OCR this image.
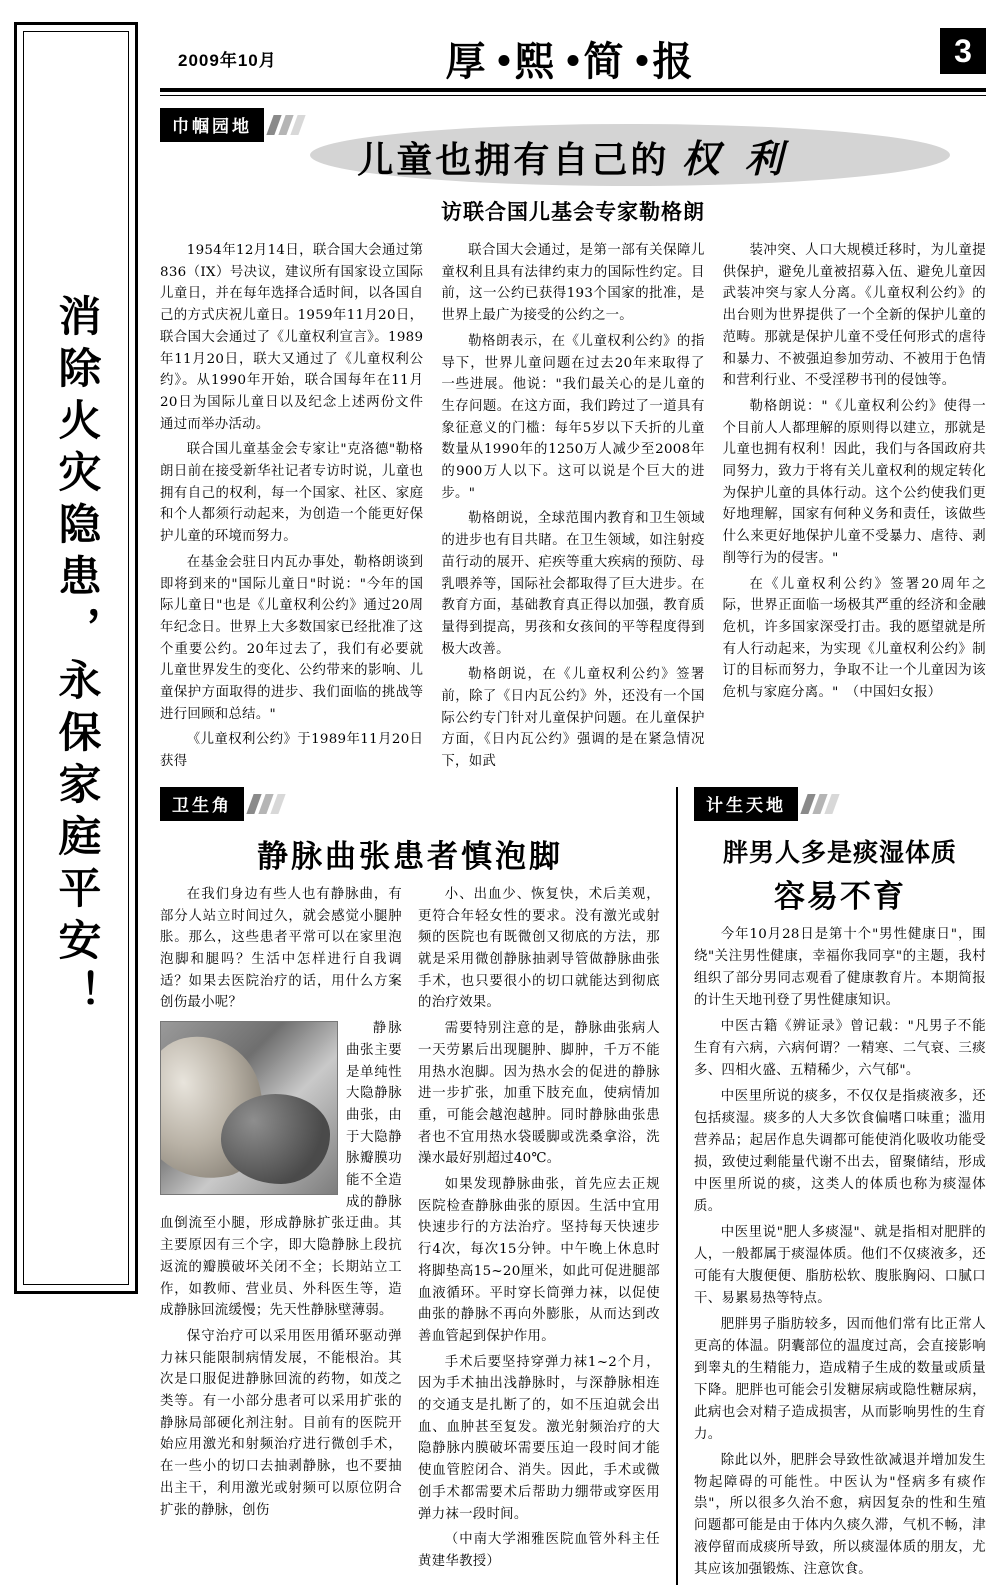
消除火灾隐患，永保家庭平安！
2009年10月	厚 熙 简 报	3
巾帼园地
儿童也拥有自己的 权 利
访联合国儿基会专家勒格朗

1954年12月14日，联合国大会通过第836（IX）号决议，建议所有国家设立国际儿童日，并在每年选择合适时间，以各国自己的方式庆祝儿童日。1959年11月20日，联合国大会通过了《儿童权利宣言》。1989年11月20日，联大又通过了《儿童权利公约》。从1990年开始，联合国每年在11月20日为国际儿童日以及纪念上述两份文件通过而举办活动。

联合国儿童基金会专家让"克洛德"勒格朗日前在接受新华社记者专访时说，儿童也拥有自己的权利，每一个国家、社区、家庭和个人都须行动起来，为创造一个能更好保护儿童的环境而努力。

在基金会驻日内瓦办事处，勒格朗谈到即将到来的"国际儿童日"时说："今年的国际儿童日"也是《儿童权利公约》通过20周年纪念日。世界上大多数国家已经批准了这个重要公约。20年过去了，我们有必要就儿童世界发生的变化、公约带来的影响、儿童保护方面取得的进步、我们面临的挑战等进行回顾和总结。"

《儿童权利公约》于1989年11月20日获得

联合国大会通过，是第一部有关保障儿童权利且具有法律约束力的国际性约定。目前，这一公约已获得193个国家的批准，是世界上最广为接受的公约之一。

勒格朗表示，在《儿童权利公约》的指导下，世界儿童问题在过去20年来取得了一些进展。他说："我们最关心的是儿童的生存问题。在这方面，我们跨过了一道具有象征意义的门槛：每年5岁以下夭折的儿童数量从1990年的1250万人减少至2008年的900万人以下。这可以说是个巨大的进步。"

勒格朗说，全球范围内教育和卫生领域的进步也有目共睹。在卫生领域，如注射疫苗行动的展开、疟疾等重大疾病的预防、母乳喂养等，国际社会都取得了巨大进步。在教育方面，基础教育真正得以加强，教育质量得到提高，男孩和女孩间的平等程度得到极大改善。

勒格朗说，在《儿童权利公约》签署前，除了《日内瓦公约》外，还没有一个国际公约专门针对儿童保护问题。在儿童保护方面，《日内瓦公约》强调的是在紧急情况下，如武

装冲突、人口大规模迁移时，为儿童提供保护，避免儿童被招募入伍、避免儿童因武装冲突与家人分离。《儿童权利公约》的出台则为世界提供了一个全新的保护儿童的范畴。那就是保护儿童不受任何形式的虐待和暴力、不被强迫参加劳动、不被用于色情和营利行业、不受淫秽书刊的侵蚀等。

勒格朗说："《儿童权利公约》使得一个目前人人都理解的原则得以建立，那就是儿童也拥有权利！因此，我们与各国政府共同努力，致力于将有关儿童权利的规定转化为保护儿童的具体行动。这个公约使我们更好地理解，国家有何种义务和责任，该做些什么来更好地保护儿童不受暴力、虐待、剥削等行为的侵害。"

在《儿童权利公约》签署20周年之际，世界正面临一场极其严重的经济和金融危机，许多国家深受打击。我的愿望就是所有人行动起来，为实现《儿童权利公约》制订的目标而努力，争取不让一个儿童因为该危机与家庭分离。"　（中国妇女报）

卫生角
静脉曲张患者慎泡脚

在我们身边有些人也有静脉曲，有部分人站立时间过久，就会感觉小腿肿胀。那么，这些患者平常可以在家里泡泡脚和腿吗？生活中怎样进行自我调适？如果去医院治疗的话，用什么方案创伤最小呢？

静脉曲张主要是单纯性大隐静脉曲张，由于大隐静脉瓣膜功能不全造成的静脉血倒流至小腿，形成静脉扩张迂曲。其主要原因有三个字，即大隐静脉上段抗返流的瓣膜破坏关闭不全；长期站立工作，如教师、营业员、外科医生等，造成静脉回流缓慢；先天性静脉壁薄弱。

保守治疗可以采用医用循环驱动弹力袜只能限制病情发展，不能根治。其次是口服促进静脉回流的药物，如茂之类等。有一小部分患者可以采用扩张的静脉局部硬化剂注射。目前有的医院开始应用激光和射频治疗进行微创手术，在一些小的切口去抽剥静脉，也不要抽出主干，利用激光或射频可以原位阴合扩张的静脉，创伤

小、出血少、恢复快，术后美观，更符合年轻女性的要求。没有激光或射频的医院也有既微创又彻底的方法，那就是采用微创静脉抽剥导管做静脉曲张手术，也只要很小的切口就能达到彻底的治疗效果。

需要特别注意的是，静脉曲张病人一天劳累后出现腿肿、脚肿，千万不能用热水泡脚。因为热水会的促进的静脉进一步扩张，加重下肢充血，使病情加重，可能会越泡越肿。同时静脉曲张患者也不宜用热水袋暖脚或洗桑拿浴，洗澡水最好别超过40℃。

如果发现静脉曲张，首先应去正规医院检查静脉曲张的原因。生活中宜用快速步行的方法治疗。坚持每天快速步行4次，每次15分钟。中午晚上休息时将脚垫高15~20厘米，如此可促进腿部血液循环。平时穿长筒弹力袜，以促使曲张的静脉不再向外膨胀，从而达到改善血管起到保护作用。

手术后要坚持穿弹力袜1~2个月，因为手术抽出浅静脉时，与深静脉相连的交通支是扎断了的，如不压迫就会出血、血肿甚至复发。激光射频治疗的大隐静脉内膜破坏需要压迫一段时间才能使血管腔闭合、消失。因此，手术或微创手术都需要术后帮助力绷带或穿医用弹力袜一段时间。

（中南大学湘雅医院血管外科主任黄建华教授）

计生天地
胖男人多是痰湿体质
容易不育

今年10月28日是第十个"男性健康日"，围绕"关注男性健康，幸福你我同享"的主题，我村组织了部分男同志观看了健康教育片。本期简报的计生天地刊登了男性健康知识。

中医古籍《辨证录》曾记载："凡男子不能生育有六病，六病何谓？一精寒、二气衰、三痰多、四相火盛、五精稀少，六气郁"。

中医里所说的痰多，不仅仅是指痰液多，还包括痰湿。痰多的人大多饮食偏嗜口味重；滥用营养品；起居作息失调都可能使消化吸收功能受损，致使过剩能量代谢不出去，留聚储结，形成中医里所说的痰，这类人的体质也称为痰湿体质。

中医里说"肥人多痰湿"、就是指相对肥胖的人，一般都属于痰湿体质。他们不仅痰液多，还可能有大腹便便、脂肪松软、腹胀胸闷、口腻口干、易累易热等特点。

肥胖男子脂肪较多，因而他们常有比正常人更高的体温。阴囊部位的温度过高，会直接影响到睾丸的生精能力，造成精子生成的数量或质量下降。肥胖也可能会引发糖尿病或隐性糖尿病，此病也会对精子造成损害，从而影响男性的生育力。

除此以外，肥胖会导致性欲减退并增加发生物起障碍的可能性。中医认为"怪病多有痰作祟"，所以很多久治不愈，病因复杂的性和生殖问题都可能是由于体内久痰久滞，气机不畅，津液停留而成痰所导致，所以痰湿体质的朋友，尤其应该加强锻炼、注意饮食。
